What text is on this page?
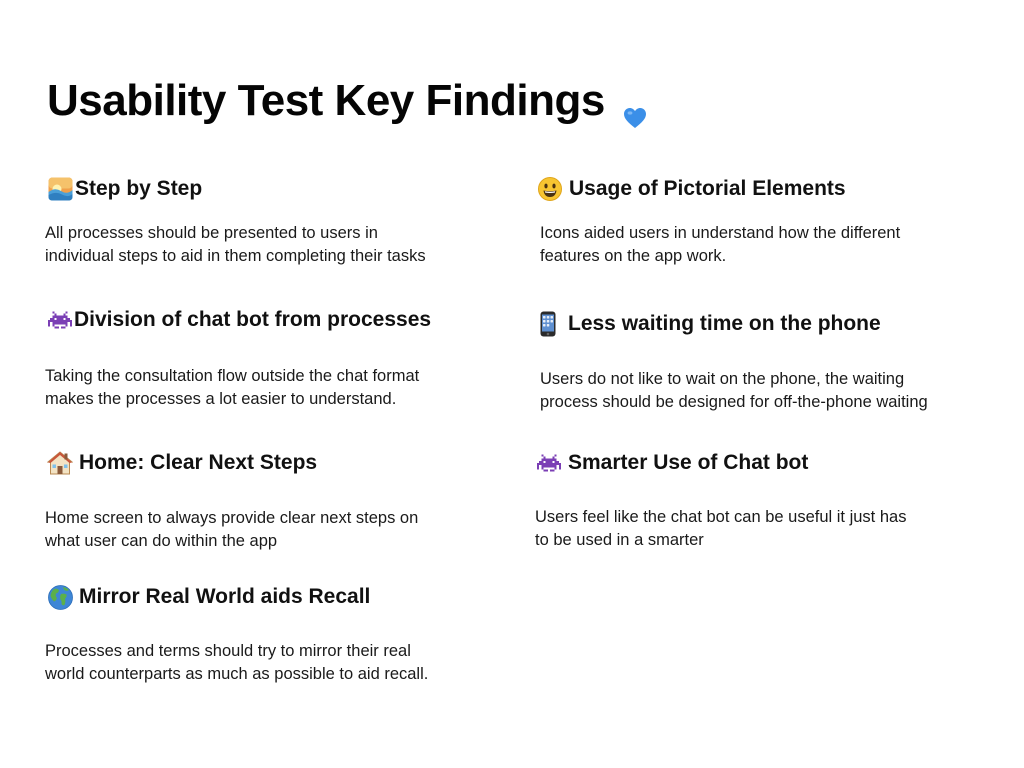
Usability Test Key Findings
Step by Step
All processes should be presented to users in
individual steps to aid in them completing their tasks
Usage of Pictorial Elements
Icons aided users in understand how the different
features on the app work.
Division of chat bot from processes
Taking the consultation flow outside the chat format
makes the processes a lot easier to understand.
Less waiting time on the phone
Users do not like to wait on the phone, the waiting
process should be designed for off-the-phone waiting
Home: Clear Next Steps
Home screen to always provide clear next steps on
what user can do within the app
Smarter Use of Chat bot
Users feel like the chat bot can be useful it just has
to be used in a smarter
Mirror Real World aids Recall
Processes and terms should try to mirror their real
world counterparts as much as possible to aid recall.
